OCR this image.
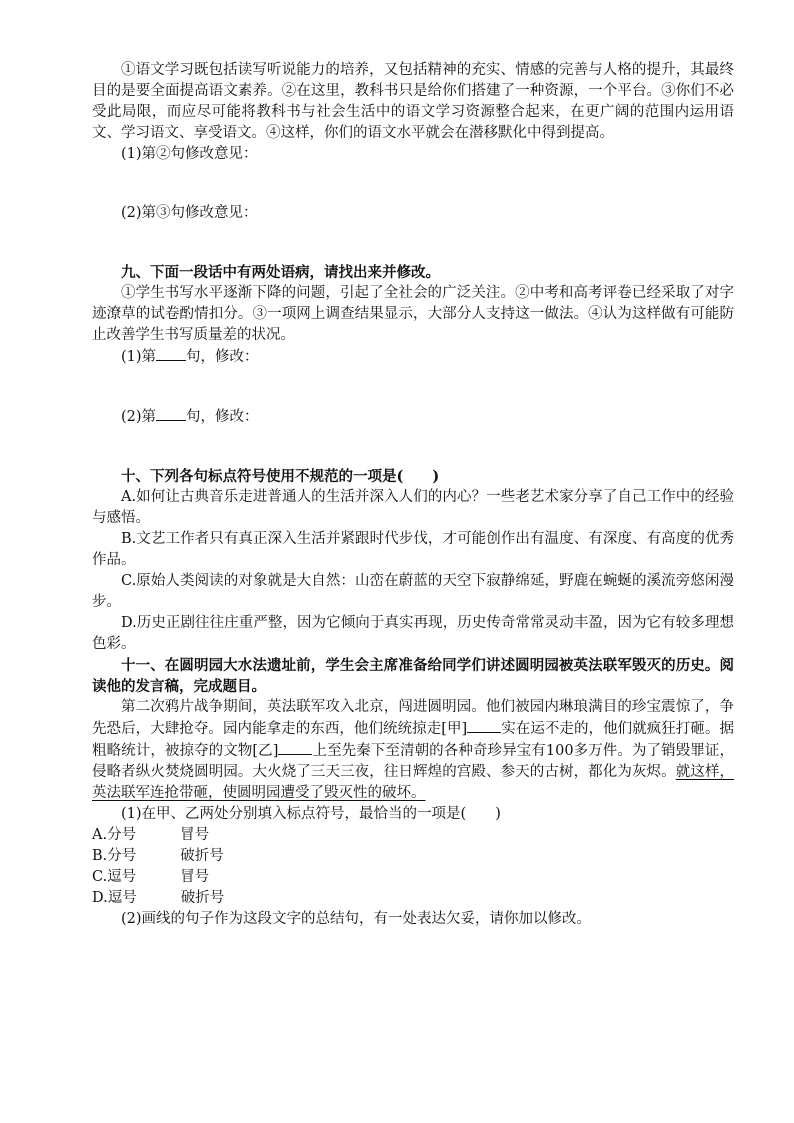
①语文学习既包括读写听说能力的培养，又包括精神的充实、情感的完善与人格的提升，其最终目的是要全面提高语文素养。②在这里，教科书只是给你们搭建了一种资源，一个平台。③你们不必受此局限，而应尽可能将教科书与社会生活中的语文学习资源整合起来，在更广阔的范围内运用语文、学习语文、享受语文。④这样，你们的语文水平就会在潜移默化中得到提高。

(1)第②句修改意见：

(2)第③句修改意见：

九、下面一段话中有两处语病，请找出来并修改。

①学生书写水平逐渐下降的问题，引起了全社会的广泛关注。②中考和高考评卷已经采取了对字迹潦草的试卷酌情扣分。③一项网上调查结果显示，大部分人支持这一做法。④认为这样做有可能防止改善学生书写质量差的状况。

(1)第 句，修改：

(2)第 句，修改：

十、下列各句标点符号使用不规范的一项是(　　)

A.如何让古典音乐走进普通人的生活并深入人们的内心？一些老艺术家分享了自己工作中的经验与感悟。

B.文艺工作者只有真正深入生活并紧跟时代步伐，才可能创作出有温度、有深度、有高度的优秀作品。

C.原始人类阅读的对象就是大自然：山峦在蔚蓝的天空下寂静绵延，野鹿在蜿蜒的溪流旁悠闲漫步。

D.历史正剧往往庄重严整，因为它倾向于真实再现，历史传奇常常灵动丰盈，因为它有较多理想色彩。

十一、在圆明园大水法遗址前，学生会主席准备给同学们讲述圆明园被英法联军毁灭的历史。阅读他的发言稿，完成题目。

第二次鸦片战争期间，英法联军攻入北京，闯进圆明园。他们被园内琳琅满目的珍宝震惊了，争先恐后，大肆抢夺。园内能拿走的东西，他们统统掠走[甲] 实在运不走的，他们就疯狂打砸。据粗略统计，被掠夺的文物[乙] 上至先秦下至清朝的各种奇珍异宝有100多万件。为了销毁罪证，侵略者纵火焚烧圆明园。大火烧了三天三夜，往日辉煌的宫殿、参天的古树，都化为灰烬。就这样，英法联军连抢带砸，使圆明园遭受了毁灭性的破坏。

(1)在甲、乙两处分别填入标点符号，最恰当的一项是(　　)

A.分号	冒号

B.分号	破折号

C.逗号	冒号

D.逗号	破折号

(2)画线的句子作为这段文字的总结句，有一处表达欠妥，请你加以修改。
